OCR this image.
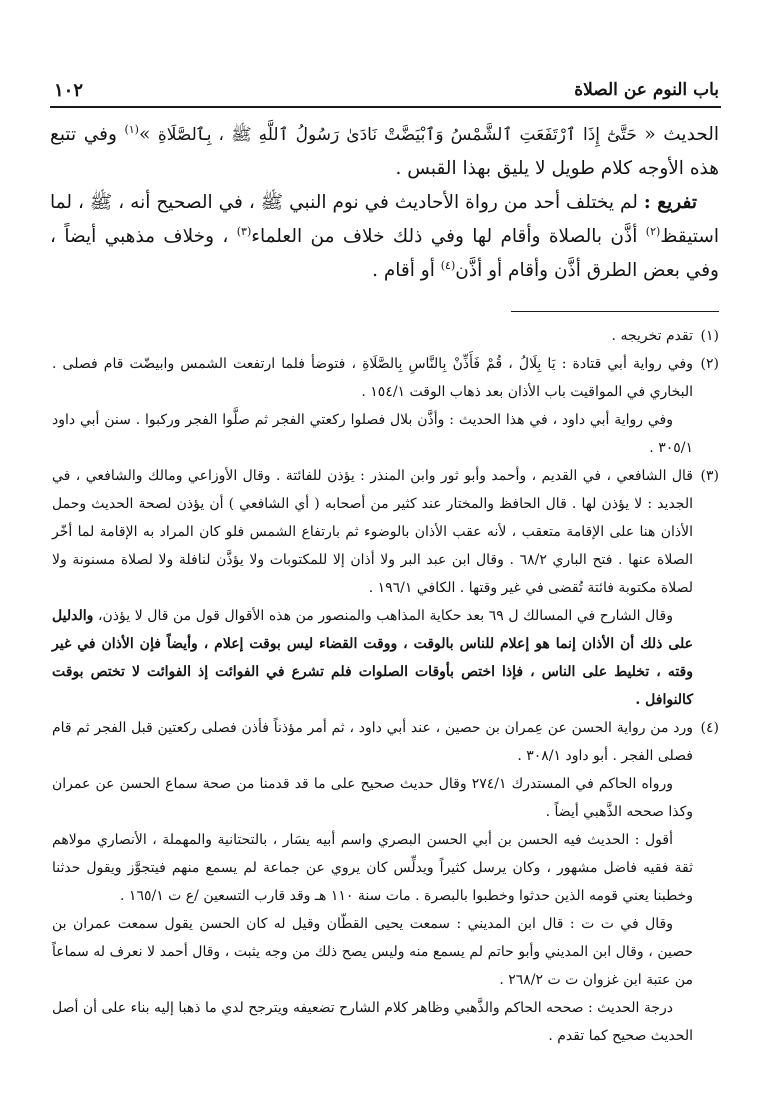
باب النوم عن الصلاة
١٠٢

الحديث « حَتَّىٰٓ إِذَا ٱرْتَفَعَتِ ٱلشَّمْسُ وَٱبْيَضَّتْ نَادَىٰ رَسُولُ ٱللَّهِ ﷺ ، بِٱلصَّلَاةِ »$^{(١)}$ وفي تتبع هذه الأوجه كلام طويل لا يليق بهذا القبس .

تفريع : لم يختلف أحد من رواة الأحاديث في نوم النبي ﷺ ، في الصحيح أنه ، ﷺ ، لما استيقظ$^{(٢)}$ أذَّن بالصلاة وأقام لها وفي ذلك خلاف من العلماء$^{(٣)}$ ، وخلاف مذهبي أيضاً ، وفي بعض الطرق أذَّن وأقام أو أذَّن$^{(٤)}$ أو أقام .

(١)
تقدم تخريجه .

(٢)
وفي رواية أبي قتادة : يَا بِلَالُ ، قُمْ فَأَذِّنْ بِالنَّاسِ بِالصَّلَاةِ ، فتوضأ فلما ارتفعت الشمس وابيضّت قام فصلى . البخاري في المواقيت باب الأذان بعد ذهاب الوقت ١٥٤/١ .

وفي رواية أبي داود ، في هذا الحديث : وأذَّن بلال فصلوا ركعتي الفجر ثم صلَّوا الفجر وركبوا . سنن أبي داود ٣٠٥/١ .

(٣)
قال الشافعي ، في القديم ، وأحمد وأبو ثور وابن المنذر : يؤذن للفائتة . وقال الأوزاعي ومالك والشافعي ، في الجديد : لا يؤذن لها . قال الحافظ والمختار عند كثير من أصحابه ( أي الشافعي ) أن يؤذن لصحة الحديث وحمل الأذان هنا على الإقامة متعقب ، لأنه عقب الأذان بالوضوء ثم بارتفاع الشمس فلو كان المراد به الإقامة لما أخّر الصلاة عنها . فتح الباري ٦٨/٢ . وقال ابن عبد البر ولا أذان إلا للمكتوبات ولا يؤذَّن لنافلة ولا لصلاة مسنونة ولا لصلاة مكتوبة فائتة تُقضى في غير وقتها . الكافي ١٩٦/١ .

وقال الشارح في المسالك ل ٦٩ بعد حكاية المذاهب والمنصور من هذه الأقوال قول من قال لا يؤذن، والدليل على ذلك أن الأذان إنما هو إعلام للناس بالوقت ، ووقت القضاء ليس بوقت إعلام ، وأيضاً فإن الأذان في غير وقته ، تخليط على الناس ، فإذا اختص بأوقات الصلوات فلم تشرع في الفوائت إذ الفوائت لا تختص بوقت كالنوافل .

(٤)
ورد من رواية الحسن عن عِمران بن حصين ، عند أبي داود ، ثم أمر مؤذناً فأذن فصلى ركعتين قبل الفجر ثم قام فصلى الفجر . أبو داود ٣٠٨/١ .

ورواه الحاكم في المستدرك ٢٧٤/١ وقال حديث صحيح على ما قد قدمنا من صحة سماع الحسن عن عمران وكذا صححه الذَّهبي أيضاً .

أقول : الحديث فيه الحسن بن أبي الحسن البصري واسم أبيه يسَار ، بالتحتانية والمهملة ، الأنصاري مولاهم ثقة فقيه فاضل مشهور ، وكان يرسل كثيراً ويدلِّس كان يروي عن جماعة لم يسمع منهم فيتجوَّز ويقول حدثنا وخطبنا يعني قومه الذين حدثوا وخطبوا بالبصرة . مات سنة ١١٠ هـ وقد قارب التسعين /ع ت ١٦٥/١ .

وقال في ت ت : قال ابن المديني : سمعت يحيى القطّان وقيل له كان الحسن يقول سمعت عمران بن حصين ، وقال ابن المديني وأبو حاتم لم يسمع منه وليس يصح ذلك من وجه يثبت ، وقال أحمد لا نعرف له سماعاً من عتبة ابن غزوان ت ت ٢٦٨/٢ .

درجة الحديث : صححه الحاكم والذَّهبي وظاهر كلام الشارح تضعيفه ويترجح لدي ما ذهبا إليه بناء على أن أصل الحديث صحيح كما تقدم .
